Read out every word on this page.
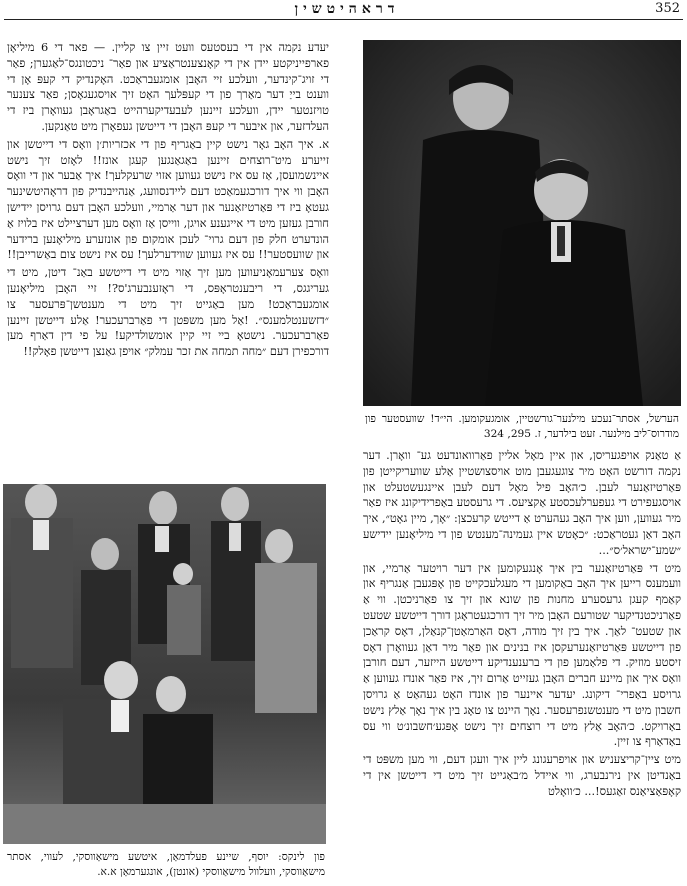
דראהיטשין	352

יעדע נקמה אין די בעסטעס וועט זיין צו קליין. — פאר די 6 מיליאָן פארפייניקטע יידן אין די קאָנצענטראַציע און פאַר־ ניכטונגס־לאַגערן; פאַר די זויג־קינדער, וועלכע זיי האָבן אומגעבראַכט. האָקנדיק די קעפּ אָן די ווענט בייַ דער מאַרך פון די קעפּלעך האָט זיך אויסגעגאָסן; פאַר צענער טויזנטער יידן, וועלכע זיינען לעבעדיקערהייט באַגראָבן געוואָרן ביז די העלדזער, און איבער די קעפּ האָבן די דייטשן געפאָרן מיט טאַנקען.

א. איך האָב גאָר נישט קיין באַגריף פון די אכזריות׳ן וואָס די דייטשן און זייערע מיט־רוצחים זיינען באַגאַנגען קעגן אונז!! לאָזט זיך נישט איינשמועסן, אַז עס איז נישט געווען אזוי שרעקלעך! איך אַבער און די וואָס האָבן ווי איך דורכגעמאַכט דעם ליידנסוועג, אַנהייבנדיק פון דראָהיטשינער געטאָ ביז די פּאַרטיזאַנער און דער אַרמיי, וועלכע האָבן דעם גרויסן יידישן חורבן געזען מיט די אייגענע אויגן, ווייסן אַז וואָס מען דערציילט איז בלויז אַ הונדערט חלק פון דעם גרוי־ לעכן אומקום פון אונזערע מיליאָנען ברידער און שוועסטער!! עס איז געווען שווידערלעך! עס איז נישט צום באַשרייבן!!

וואָס צערעמאָניעווען מען זיך אַזוי מיט די דייטשע באַנ־ דיטן, מיט די געריגגס, די ריבענטראָפּס, די ראָזענבערג'ס?! זיי האָבן מיליאָנען אומגעבראַכט! מען באַגייט זיך מיט די מענטשן־פּרעסער צו ״דזשענטלמענס״. !אַל מען משפּטן די פאַרברעכער! אַלע דייטשן זיינען פאַרברעכער. נישטאָ ביי זיי קיין אומשולדיקע! על פי דין דאַרף מען דורכפירן דעם ״מחה תמחה את זכר עמלק״ אויפן גאַנצן דייטשן פאָלק!!

פון לינקס: יוסף, שיינע פעלדמאַן, איטשע מישאַווסקי, לעווי, אסתר מישאַווסקי, וועלוול מישאַווסקי (אונטן), אונגערמאַן א.א.
הערשל, אסתר־נעכע מילנער־גורשטיין, אומגעקומען. הי״ד! שוועסטער פון מודרוס־ליב מילנער. זעט בילדער, ז. 295, 324

אַ טאַנק אויפגעריסן, און איין מאָל אליין פאַרוואונדעט גע־ וואָרן. דער נקמה דורשט האָט מיר צוגעגעבן מוט אויסצושטיין אַלע שוועריקייטן פון פּאַרטיזאַנער לעבן. כ׳האָב פיל מאָל דעם לעבן איינגעשטעלט און אויסגעפירט די געפערלעכסטע אַקציעס. די גרעסטע באַפרידיקונג איז פאַר מיר געווען, ווען איך האָב געהערט אַ דייטש קרעכצן: ״אָך, מיין גאָט״, איך האָב דאַן געטראַכט: ״כאָטש איין געמינה־מענטש פון די מיליאָנען יידישע ״שמע־ישראל׳ס״...

מיט די פּאַרטיזאַנער בין איך אָנגעקומען אין דער רויטער אַרמיי, און וועמענס רייען איך האָב באַקומען די מעגלעכקייט פון אָפּגעבן אַנגריף און קאַמף קעגן גרעסערע מחנות פון שונא און זיך צו פאַרניכטן. ווי אַ פאַרניכטנדיקער שטורעם האָבן מיר זיך דורכגעטראָגן דורך דייטשע שטעט און שטעט־ לאַך. איך בין זיך מודה, דאָס האַרמאַטן־קנאַלן, דאָס קראַכן פון דייטשע פּאַרטיזאַנערעקסן איז בנינים און פאַר מיר דאַן געוואָרן דאָס זיסטע מוזיק. די פלאַמען פון די ברענענדיקע דייטשע הייזער, דעם חורבן וואָס איך און מיינע חברים האָבן געזייט אַרום זיך, איז פאַר אונדז געווען אַ גרויסע באַפרי־ דיקונג. יעדער איינער פון אונדז האָט געהאַט אַ גרויסן חשבון מיט די מענטשנפרעסער. נאָך היינט צו טאָג בין איך נאָך אַלץ נישט באַרויקט. כ׳האָב אַלץ מיט די רוצחים זיך נישט אָפּגע׳חשבונ׳ט ווי עס באַדאַרף צו זיין.

מיט ציין־קריצעניש און אויפרעגונג ליין איך וועגן דעם, ווי מען משפּט די באַנדיטן אין נירנבערג, ווי איידל מ׳באַגייט זיך מיט די דייטשן אין די קאָפּאַציאַנס זאַגעס!... כ׳וואָלט
